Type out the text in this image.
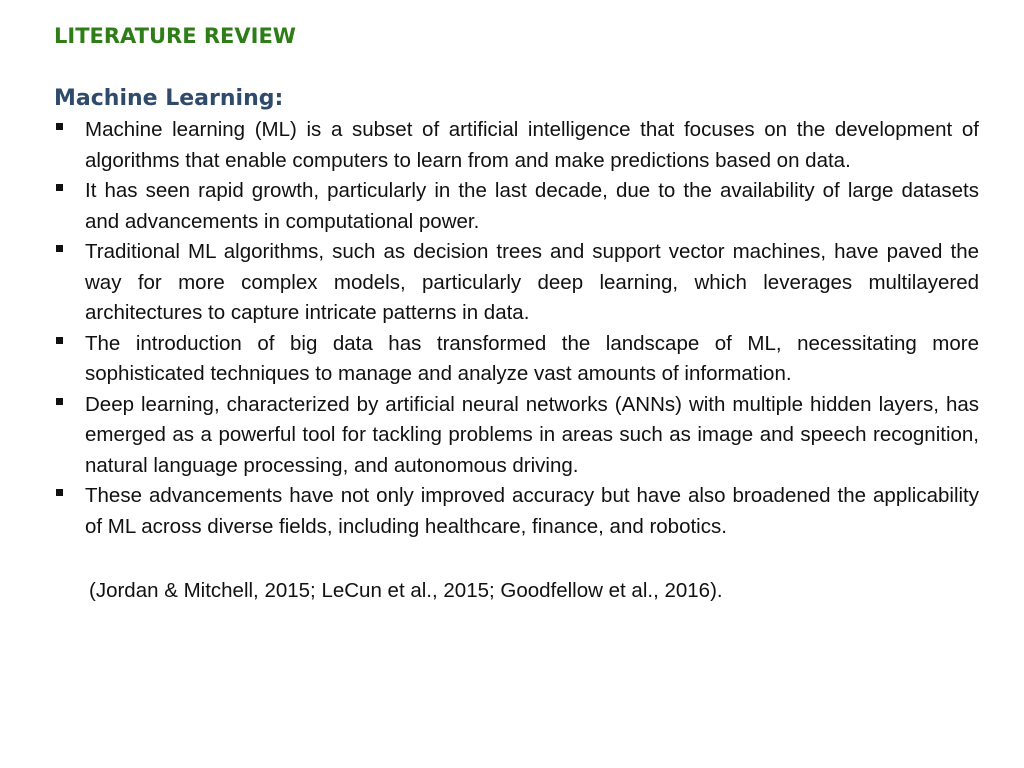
LITERATURE REVIEW
Machine Learning:
Machine learning (ML) is a subset of artificial intelligence that focuses on the development of algorithms that enable computers to learn from and make predictions based on data.
It has seen rapid growth, particularly in the last decade, due to the availability of large datasets and advancements in computational power.
Traditional ML algorithms, such as decision trees and support vector machines, have paved the way for more complex models, particularly deep learning, which leverages multilayered architectures to capture intricate patterns in data.
The introduction of big data has transformed the landscape of ML, necessitating more sophisticated techniques to manage and analyze vast amounts of information.
Deep learning, characterized by artificial neural networks (ANNs) with multiple hidden layers, has emerged as a powerful tool for tackling problems in areas such as image and speech recognition, natural language processing, and autonomous driving.
These advancements have not only improved accuracy but have also broadened the applicability of ML across diverse fields, including healthcare, finance, and robotics.
(Jordan & Mitchell, 2015; LeCun et al., 2015; Goodfellow et al., 2016).
